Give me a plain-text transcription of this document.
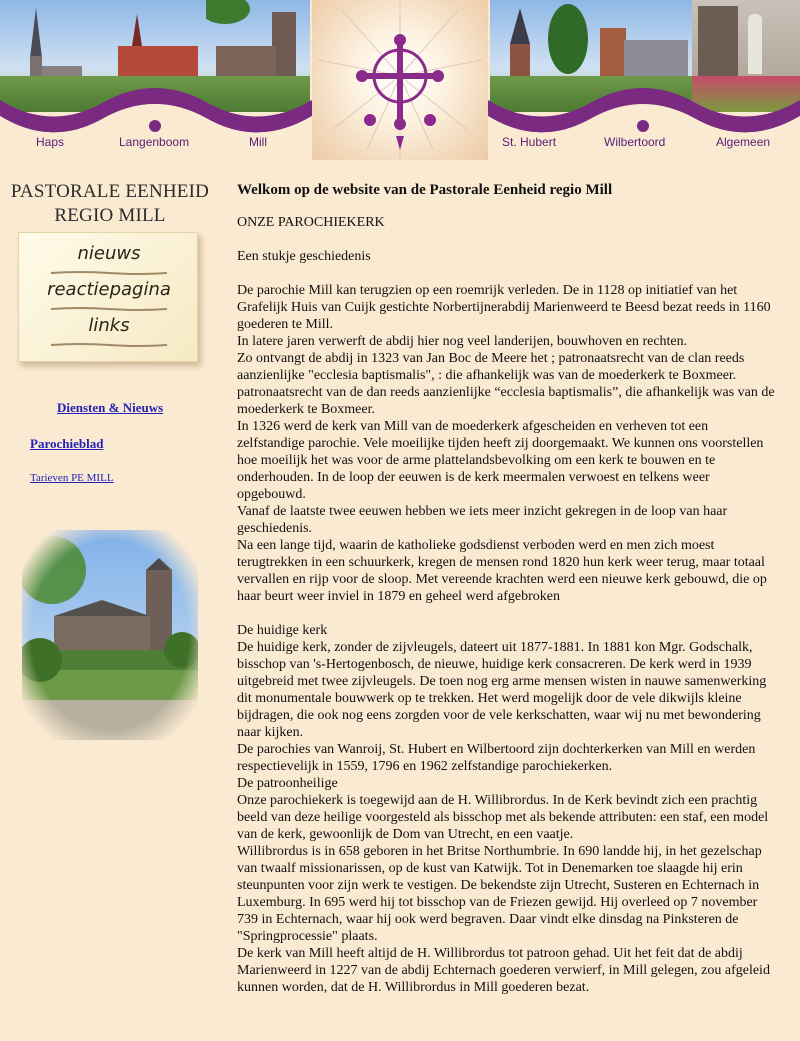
Haps	Langenboom	Mill	St. Hubert	Wilbertoord	Algemeen
PASTORALE EENHEID
REGIO MILL
nieuws
reactiepagina
links
Diensten & Nieuws
Parochieblad
Tarieven PE MILL
Welkom op de website van de Pastorale Eenheid regio Mill
ONZE PAROCHIEKERK
Een stukje geschiedenis
De parochie Mill kan terugzien op een roemrijk verleden. De in 1128 op initiatief van het Grafelijk Huis van Cuijk gestichte Norbertijnerabdij Marienweerd te Beesd bezat reeds in 1160 goederen te Mill.
In latere jaren verwerft de abdij hier nog veel landerijen, bouwhoven en rechten.
Zo ontvangt de abdij in 1323 van Jan Boc de Meere het ; patronaatsrecht van de clan reeds aanzienlijke "ecclesia baptismalis", : die afhankelijk was van de moederkerk te Boxmeer.
patronaatsrecht van de dan reeds aanzienlijke “ecclesia baptismalis”, die afhankelijk was van de moederkerk te Boxmeer.
In 1326 werd de kerk van Mill van de moederkerk afgescheiden en verheven tot een zelfstandige parochie. Vele moeilijke tijden heeft zij doorgemaakt. We kunnen ons voorstellen hoe moeilijk het was voor de arme plattelandsbevolking om een kerk te bouwen en te onderhouden. In de loop der eeuwen is de kerk meermalen verwoest en telkens weer opgebouwd.
Vanaf de laatste twee eeuwen hebben we iets meer inzicht gekregen in de loop van haar geschiedenis.
Na een lange tijd, waarin de katholieke godsdienst verboden werd en men zich moest terugtrekken in een schuurkerk, kregen de mensen rond 1820 hun kerk weer terug, maar totaal vervallen en rijp voor de sloop. Met vereende krachten werd een nieuwe kerk gebouwd, die op haar beurt weer inviel in 1879 en geheel werd afgebroken
De huidige kerk
De huidige kerk, zonder de zijvleugels, dateert uit 1877-1881. In 1881 kon Mgr. Godschalk, bisschop van 's-Hertogenbosch, de nieuwe, huidige kerk consacreren. De kerk werd in 1939 uitgebreid met twee zijvleugels. De toen nog erg arme mensen wisten in nauwe samenwerking dit monumentale bouwwerk op te trekken. Het werd mogelijk door de vele dikwijls kleine bijdragen, die ook nog eens zorgden voor de vele kerkschatten, waar wij nu met bewondering naar kijken.
De parochies van Wanroij, St. Hubert en Wilbertoord zijn dochterkerken van Mill en werden respectievelijk in 1559, 1796 en 1962 zelfstandige parochiekerken.
De patroonheilige
Onze parochiekerk is toegewijd aan de H. Willibrordus. In de Kerk bevindt zich een prachtig beeld van deze heilige voorgesteld als bisschop met als bekende attributen: een staf, een model van de kerk, gewoonlijk de Dom van Utrecht, en een vaatje.
Willibrordus is in 658 geboren in het Britse Northumbrie. In 690 landde hij, in het gezelschap van twaalf missionarissen, op de kust van Katwijk. Tot in Denemarken toe slaagde hij erin steunpunten voor zijn werk te vestigen. De bekendste zijn Utrecht, Susteren en Echternach in Luxemburg. In 695 werd hij tot bisschop van de Friezen gewijd. Hij overleed op 7 november 739 in Echternach, waar hij ook werd begraven. Daar vindt elke dinsdag na Pinksteren de "Springprocessie" plaats.
De kerk van Mill heeft altijd de H. Willibrordus tot patroon gehad. Uit het feit dat de abdij Marienweerd in 1227 van de abdij Echternach goederen verwierf, in Mill gelegen, zou afgeleid kunnen worden, dat de H. Willibrordus in Mill goederen bezat.
